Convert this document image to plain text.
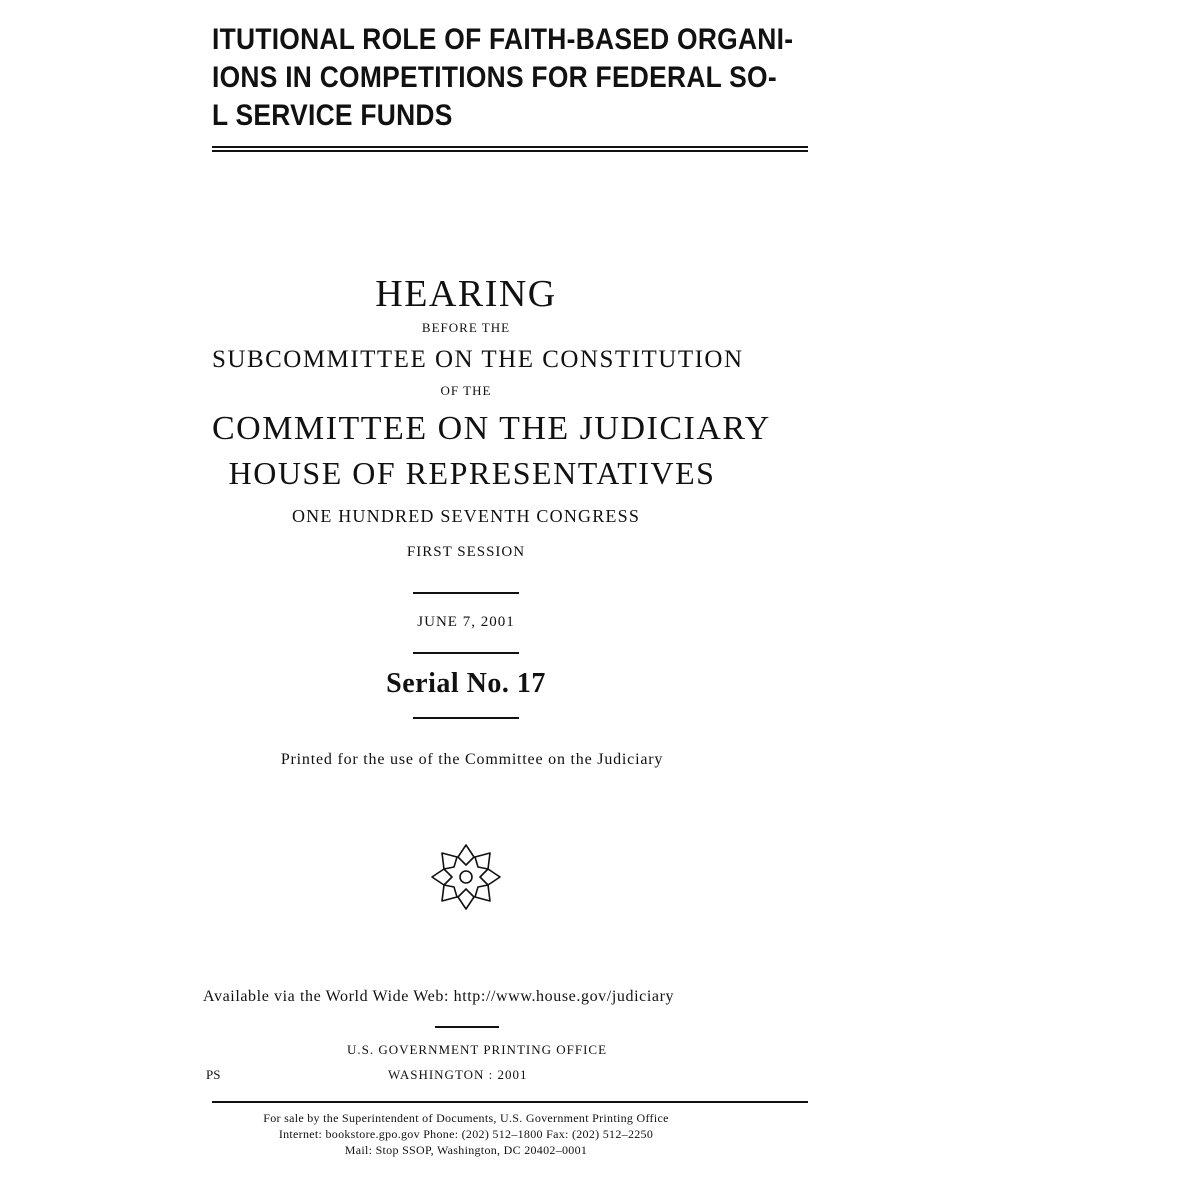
ITUTIONAL ROLE OF FAITH-BASED ORGANI-
IONS IN COMPETITIONS FOR FEDERAL SO-
L SERVICE FUNDS
HEARING
BEFORE THE
SUBCOMMITTEE ON THE CONSTITUTION
OF THE
COMMITTEE ON THE JUDICIARY
HOUSE OF REPRESENTATIVES
ONE HUNDRED SEVENTH CONGRESS
FIRST SESSION
JUNE 7, 2001
Serial No. 17
Printed for the use of the Committee on the Judiciary
Available via the World Wide Web: http://www.house.gov/judiciary
U.S. GOVERNMENT PRINTING OFFICE
PS	WASHINGTON : 2001
For sale by the Superintendent of Documents, U.S. Government Printing Office
Internet: bookstore.gpo.gov Phone: (202) 512–1800 Fax: (202) 512–2250
Mail: Stop SSOP, Washington, DC 20402–0001
